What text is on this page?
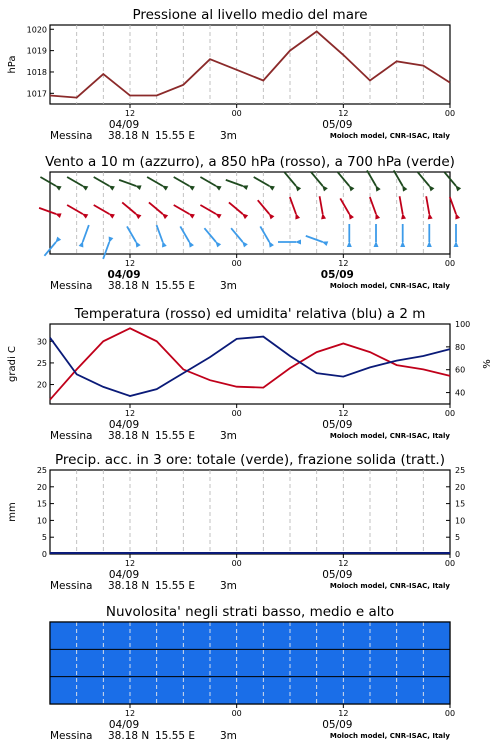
Pressione al livello medio del mare
1017
1018
1019
1020
hPa
12	00	12	00
04/09	05/09
Messina 38.18 N 15.55 E 3m	Moloch model, CNR-ISAC, Italy
Vento a 10 m (azzurro), a 850 hPa (rosso), a 700 hPa (verde)
12	00	12	00
04/09	05/09
Messina 38.18 N 15.55 E 3m	Moloch model, CNR-ISAC, Italy
Temperatura (rosso) ed umidita' relativa (blu) a 2 m
20
25
30
40
60
80
100
gradi C	%
12	00	12	00
04/09	05/09
Messina 38.18 N 15.55 E 3m	Moloch model, CNR-ISAC, Italy
Precip. acc. in 3 ore: totale (verde), frazione solida (tratt.)
0
5
10
15
20
25
0
5
10
15
20
25
mm
12	00	12	00
04/09	05/09
Messina 38.18 N 15.55 E 3m	Moloch model, CNR-ISAC, Italy
Nuvolosita' negli strati basso, medio e alto
12	00	12	00
04/09	05/09
Messina 38.18 N 15.55 E 3m	Moloch model, CNR-ISAC, Italy
